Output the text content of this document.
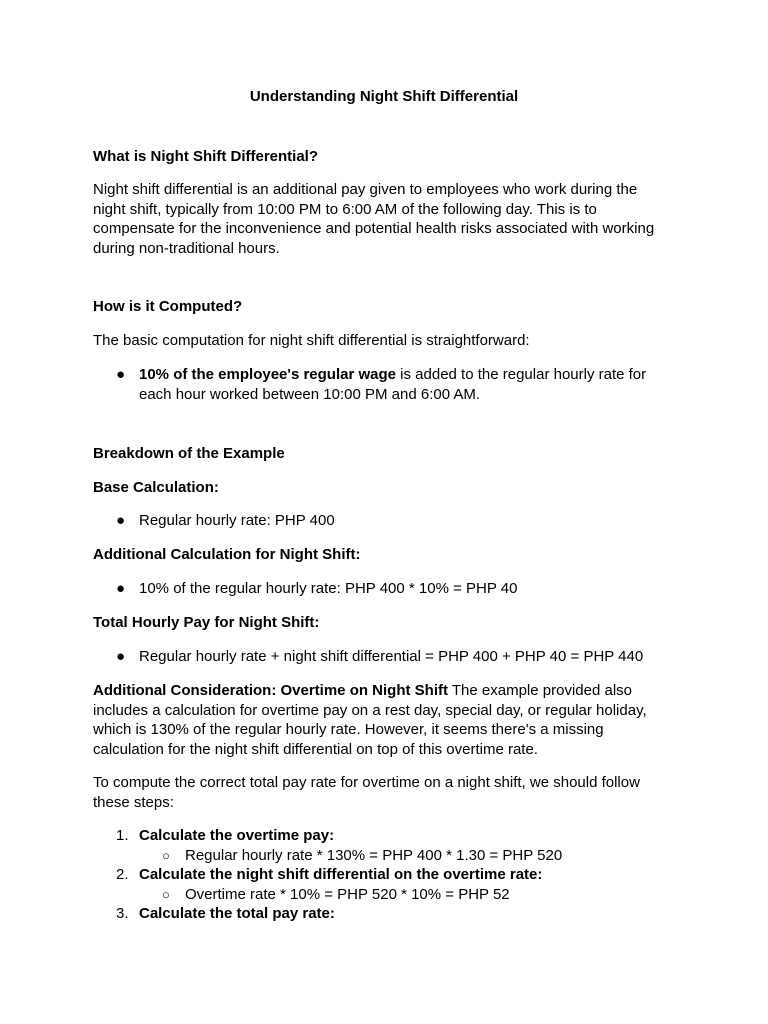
Understanding Night Shift Differential
What is Night Shift Differential?
Night shift differential is an additional pay given to employees who work during the
night shift, typically from 10:00 PM to 6:00 AM of the following day. This is to
compensate for the inconvenience and potential health risks associated with working
during non-traditional hours.
How is it Computed?
The basic computation for night shift differential is straightforward:
● 10% of the employee's regular wage is added to the regular hourly rate for
each hour worked between 10:00 PM and 6:00 AM.
Breakdown of the Example
Base Calculation:
● Regular hourly rate: PHP 400
Additional Calculation for Night Shift:
● 10% of the regular hourly rate: PHP 400 * 10% = PHP 40
Total Hourly Pay for Night Shift:
● Regular hourly rate + night shift differential = PHP 400 + PHP 40 = PHP 440
Additional Consideration: Overtime on Night Shift The example provided also
includes a calculation for overtime pay on a rest day, special day, or regular holiday,
which is 130% of the regular hourly rate. However, it seems there's a missing
calculation for the night shift differential on top of this overtime rate.
To compute the correct total pay rate for overtime on a night shift, we should follow
these steps:
1. Calculate the overtime pay:
○ Regular hourly rate * 130% = PHP 400 * 1.30 = PHP 520
2. Calculate the night shift differential on the overtime rate:
○ Overtime rate * 10% = PHP 520 * 10% = PHP 52
3. Calculate the total pay rate:
